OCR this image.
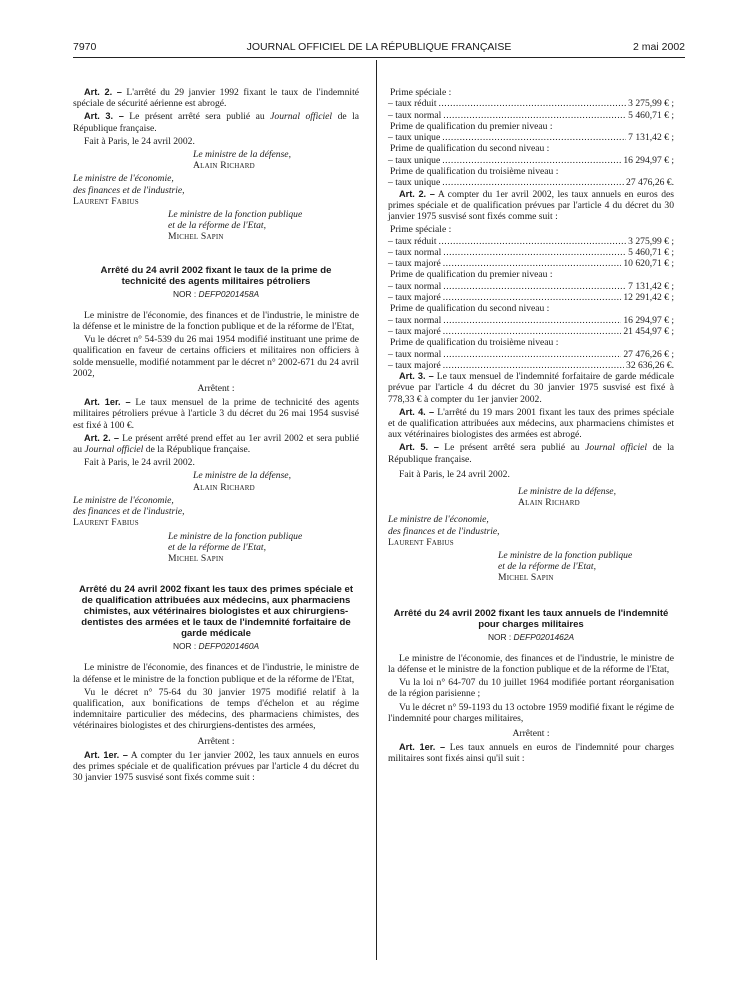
7970	JOURNAL OFFICIEL DE LA RÉPUBLIQUE FRANÇAISE	2 mai 2002

Art. 2. – L'arrêté du 29 janvier 1992 fixant le taux de l'indemnité spéciale de sécurité aérienne est abrogé.

Art. 3. – Le présent arrêté sera publié au Journal officiel de la République française.

Fait à Paris, le 24 avril 2002.

Le ministre de la défense,

Alain Richard

Le ministre de l'économie,

des finances et de l'industrie,

Laurent Fabius

Le ministre de la fonction publique

et de la réforme de l'Etat,

Michel Sapin

Arrêté du 24 avril 2002 fixant le taux de la prime de technicité des agents militaires pétroliers

NOR : DEFP0201458A

Le ministre de l'économie, des finances et de l'industrie, le ministre de la défense et le ministre de la fonction publique et de la réforme de l'Etat,

Vu le décret n° 54-539 du 26 mai 1954 modifié instituant une prime de qualification en faveur de certains officiers et militaires non officiers à solde mensuelle, modifié notamment par le décret n° 2002-671 du 24 avril 2002,

Arrêtent :

Art. 1er. – Le taux mensuel de la prime de technicité des agents militaires pétroliers prévue à l'article 3 du décret du 26 mai 1954 susvisé est fixé à 100 €.

Art. 2. – Le présent arrêté prend effet au 1er avril 2002 et sera publié au Journal officiel de la République française.

Fait à Paris, le 24 avril 2002.

Le ministre de la défense,

Alain Richard

Le ministre de l'économie,

des finances et de l'industrie,

Laurent Fabius

Le ministre de la fonction publique

et de la réforme de l'Etat,

Michel Sapin

Arrêté du 24 avril 2002 fixant les taux des primes spéciale et de qualification attribuées aux médecins, aux pharmaciens chimistes, aux vétérinaires biologistes et aux chirurgiens-dentistes des armées et le taux de l'indemnité forfaitaire de garde médicale

NOR : DEFP0201460A

Le ministre de l'économie, des finances et de l'industrie, le ministre de la défense et le ministre de la fonction publique et de la réforme de l'Etat,

Vu le décret n° 75-64 du 30 janvier 1975 modifié relatif à la qualification, aux bonifications de temps d'échelon et au régime indemnitaire particulier des médecins, des pharmaciens chimistes, des vétérinaires biologistes et des chirurgiens-dentistes des armées,

Arrêtent :

Art. 1er. – A compter du 1er janvier 2002, les taux annuels en euros des primes spéciale et de qualification prévues par l'article 4 du décret du 30 janvier 1975 susvisé sont fixés comme suit :

Prime spéciale :

– taux réduit .....	3 275,99 € ;
– taux normal .....	5 460,71 € ;

Prime de qualification du premier niveau :

– taux unique .....	7 131,42 € ;

Prime de qualification du second niveau :

– taux unique .....	16 294,97 € ;

Prime de qualification du troisième niveau :

– taux unique .....	27 476,26 €.

Art. 2. – A compter du 1er avril 2002, les taux annuels en euros des primes spéciale et de qualification prévues par l'article 4 du décret du 30 janvier 1975 susvisé sont fixés comme suit :

Prime spéciale :

– taux réduit .....	3 275,99 € ;
– taux normal .....	5 460,71 € ;
– taux majoré .....	10 620,71 € ;

Prime de qualification du premier niveau :

– taux normal .....	7 131,42 € ;
– taux majoré .....	12 291,42 € ;

Prime de qualification du second niveau :

– taux normal .....	16 294,97 € ;
– taux majoré .....	21 454,97 € ;

Prime de qualification du troisième niveau :

– taux normal .....	27 476,26 € ;
– taux majoré .....	32 636,26 €.

Art. 3. – Le taux mensuel de l'indemnité forfaitaire de garde médicale prévue par l'article 4 du décret du 30 janvier 1975 susvisé est fixé à 778,33 € à compter du 1er janvier 2002.

Art. 4. – L'arrêté du 19 mars 2001 fixant les taux des primes spéciale et de qualification attribuées aux médecins, aux pharmaciens chimistes et aux vétérinaires biologistes des armées est abrogé.

Art. 5. – Le présent arrêté sera publié au Journal officiel de la République française.

Fait à Paris, le 24 avril 2002.

Le ministre de la défense,

Alain Richard

Le ministre de l'économie,

des finances et de l'industrie,

Laurent Fabius

Le ministre de la fonction publique

et de la réforme de l'Etat,

Michel Sapin

Arrêté du 24 avril 2002 fixant les taux annuels de l'indemnité pour charges militaires

NOR : DEFP0201462A

Le ministre de l'économie, des finances et de l'industrie, le ministre de la défense et le ministre de la fonction publique et de la réforme de l'Etat,

Vu la loi n° 64-707 du 10 juillet 1964 modifiée portant réorganisation de la région parisienne ;

Vu le décret n° 59-1193 du 13 octobre 1959 modifié fixant le régime de l'indemnité pour charges militaires,

Arrêtent :

Art. 1er. – Les taux annuels en euros de l'indemnité pour charges militaires sont fixés ainsi qu'il suit :
